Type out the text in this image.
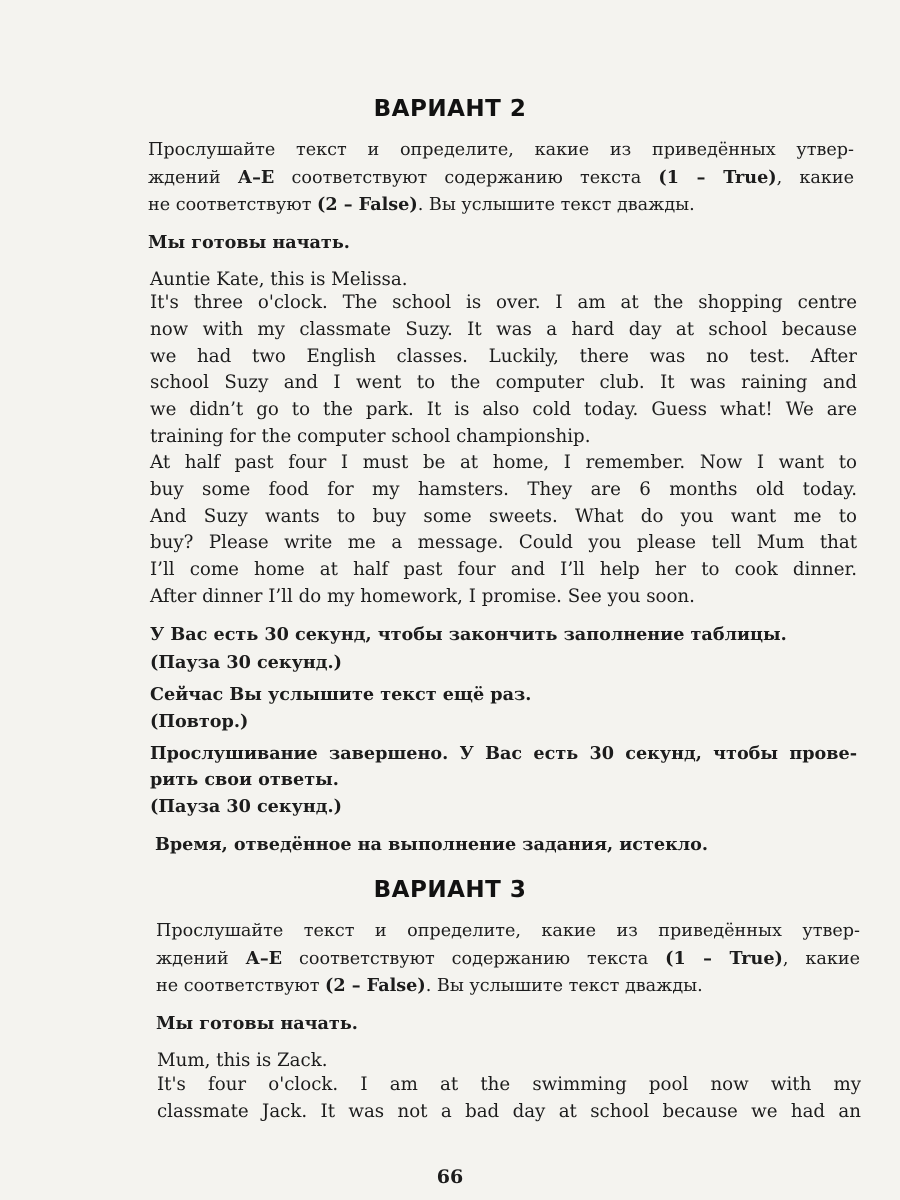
ВАРИАНТ 2
Прослушайте текст и определите, какие из приведённых утвер-
ждений А–Е соответствуют содержанию текста (1 – True), какие
не соответствуют (2 – False). Вы услышите текст дважды.
Мы готовы начать.
Auntie Kate, this is Melissa.
It's three o'clock. The school is over. I am at the shopping centre
now with my classmate Suzy. It was a hard day at school because
we had two English classes. Luckily, there was no test. After
school Suzy and I went to the computer club. It was raining and
we didn’t go to the park. It is also cold today. Guess what! We are
training for the computer school championship.
At half past four I must be at home, I remember. Now I want to
buy some food for my hamsters. They are 6 months old today.
And Suzy wants to buy some sweets. What do you want me to
buy? Please write me a message. Could you please tell Mum that
I’ll come home at half past four and I’ll help her to cook dinner.
After dinner I’ll do my homework, I promise. See you soon.
У Вас есть 30 секунд, чтобы закончить заполнение таблицы.
(Пауза 30 секунд.)
Сейчас Вы услышите текст ещё раз.
(Повтор.)
Прослушивание завершено. У Вас есть 30 секунд, чтобы прове-
рить свои ответы.
(Пауза 30 секунд.)
Время, отведённое на выполнение задания, истекло.
ВАРИАНТ 3
Прослушайте текст и определите, какие из приведённых утвер-
ждений А–Е соответствуют содержанию текста (1 – True), какие
не соответствуют (2 – False). Вы услышите текст дважды.
Мы готовы начать.
Mum, this is Zack.
It's four o'clock. I am at the swimming pool now with my
classmate Jack. It was not a bad day at school because we had an
66
